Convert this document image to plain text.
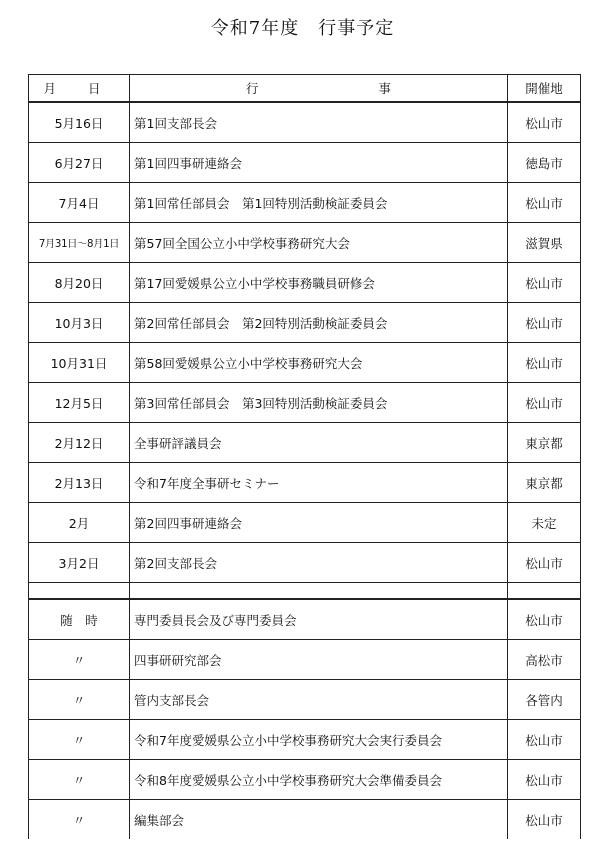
令和7年度　行事予定
月 日	行 事	開催地
5月16日	第1回支部長会	松山市
6月27日	第1回四事研連絡会	徳島市
7月4日	第1回常任部員会　第1回特別活動検証委員会	松山市
7月31日～8月1日	第57回全国公立小中学校事務研究大会	滋賀県
8月20日	第17回愛媛県公立小中学校事務職員研修会	松山市
10月3日	第2回常任部員会　第2回特別活動検証委員会	松山市
10月31日	第58回愛媛県公立小中学校事務研究大会	松山市
12月5日	第3回常任部員会　第3回特別活動検証委員会	松山市
2月12日	全事研評議員会	東京都
2月13日	令和7年度全事研セミナー	東京都
2月	第2回四事研連絡会	未定
3月2日	第2回支部長会	松山市

随　時	専門委員長会及び専門委員会	松山市
〃	四事研研究部会	高松市
〃	管内支部長会	各管内
〃	令和7年度愛媛県公立小中学校事務研究大会実行委員会	松山市
〃	令和8年度愛媛県公立小中学校事務研究大会準備委員会	松山市
〃	編集部会	松山市
